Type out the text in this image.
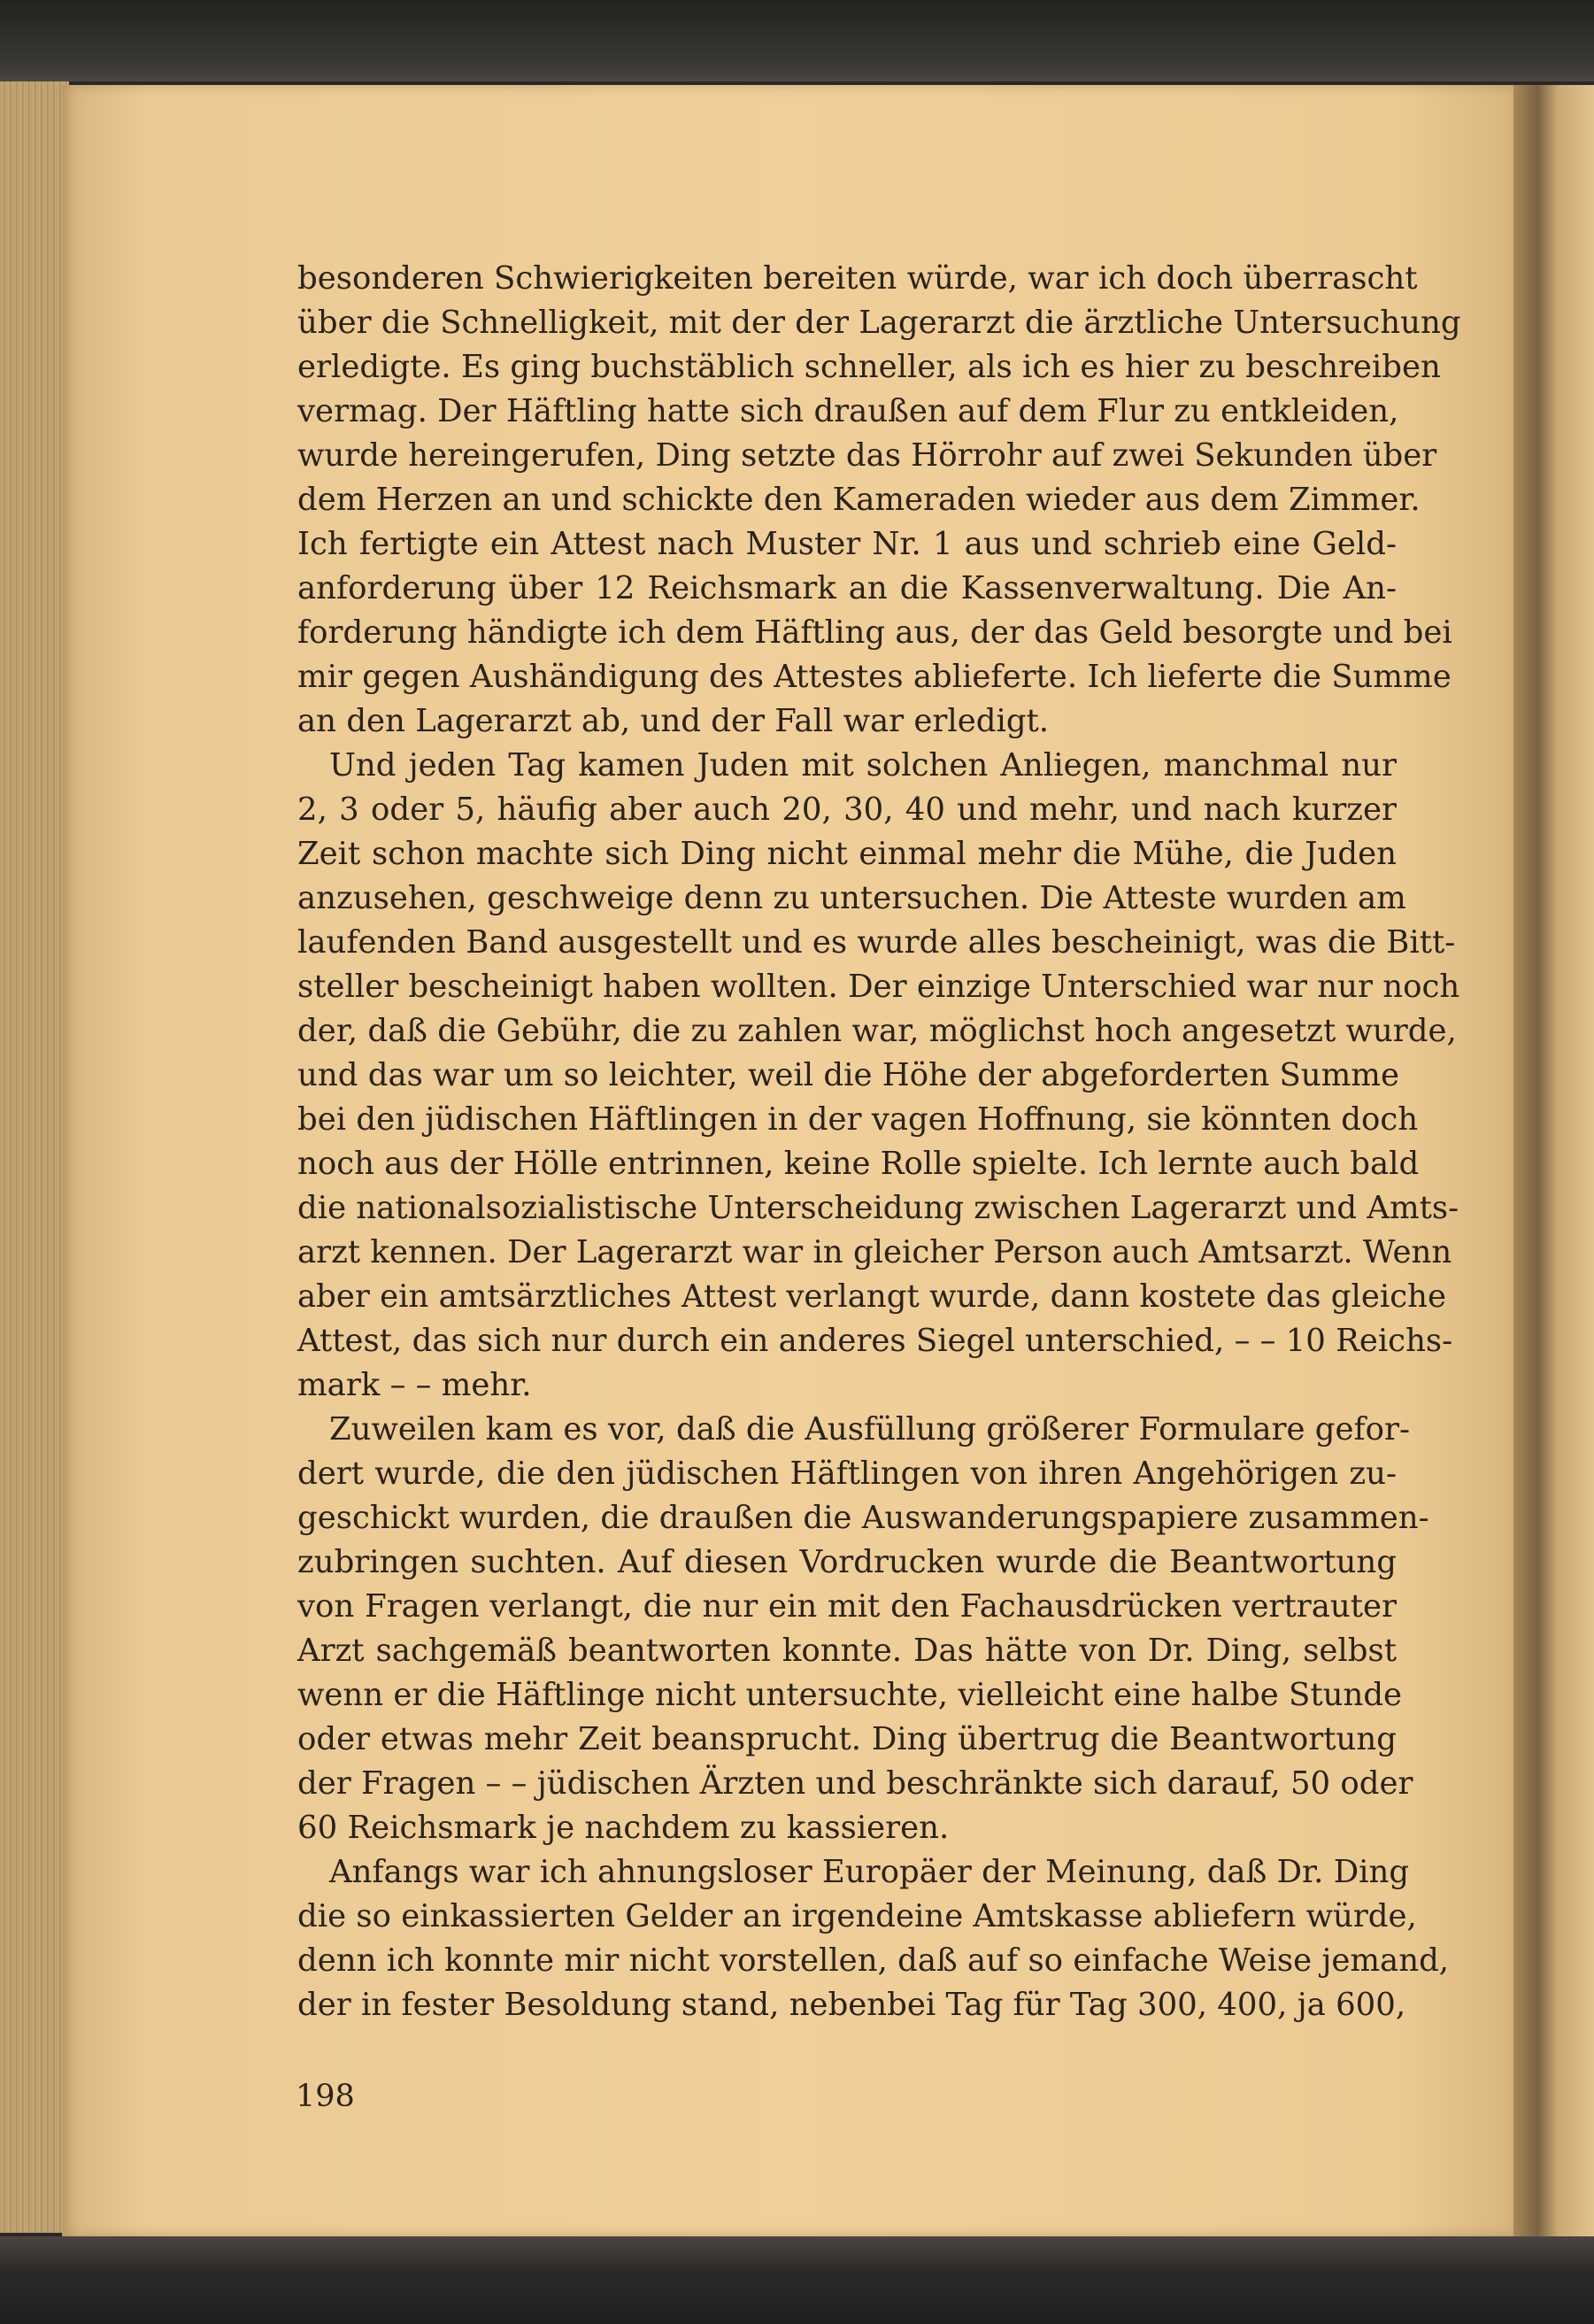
besonderen Schwierigkeiten bereiten würde, war ich doch überrascht
über die Schnelligkeit, mit der der Lagerarzt die ärztliche Untersuchung
erledigte. Es ging buchstäblich schneller, als ich es hier zu beschreiben
vermag. Der Häftling hatte sich draußen auf dem Flur zu entkleiden,
wurde hereingerufen, Ding setzte das Hörrohr auf zwei Sekunden über
dem Herzen an und schickte den Kameraden wieder aus dem Zimmer.
Ich fertigte ein Attest nach Muster Nr. 1 aus und schrieb eine Geld-
anforderung über 12 Reichsmark an die Kassenverwaltung. Die An-
forderung händigte ich dem Häftling aus, der das Geld besorgte und bei
mir gegen Aushändigung des Attestes ablieferte. Ich lieferte die Summe
an den Lagerarzt ab, und der Fall war erledigt.
Und jeden Tag kamen Juden mit solchen Anliegen, manchmal nur
2, 3 oder 5, häufig aber auch 20, 30, 40 und mehr, und nach kurzer
Zeit schon machte sich Ding nicht einmal mehr die Mühe, die Juden
anzusehen, geschweige denn zu untersuchen. Die Atteste wurden am
laufenden Band ausgestellt und es wurde alles bescheinigt, was die Bitt-
steller bescheinigt haben wollten. Der einzige Unterschied war nur noch
der, daß die Gebühr, die zu zahlen war, möglichst hoch angesetzt wurde,
und das war um so leichter, weil die Höhe der abgeforderten Summe
bei den jüdischen Häftlingen in der vagen Hoffnung, sie könnten doch
noch aus der Hölle entrinnen, keine Rolle spielte. Ich lernte auch bald
die nationalsozialistische Unterscheidung zwischen Lagerarzt und Amts-
arzt kennen. Der Lagerarzt war in gleicher Person auch Amtsarzt. Wenn
aber ein amtsärztliches Attest verlangt wurde, dann kostete das gleiche
Attest, das sich nur durch ein anderes Siegel unterschied, – – 10 Reichs-
mark – – mehr.
Zuweilen kam es vor, daß die Ausfüllung größerer Formulare gefor-
dert wurde, die den jüdischen Häftlingen von ihren Angehörigen zu-
geschickt wurden, die draußen die Auswanderungspapiere zusammen-
zubringen suchten. Auf diesen Vordrucken wurde die Beantwortung
von Fragen verlangt, die nur ein mit den Fachausdrücken vertrauter
Arzt sachgemäß beantworten konnte. Das hätte von Dr. Ding, selbst
wenn er die Häftlinge nicht untersuchte, vielleicht eine halbe Stunde
oder etwas mehr Zeit beansprucht. Ding übertrug die Beantwortung
der Fragen – – jüdischen Ärzten und beschränkte sich darauf, 50 oder
60 Reichsmark je nachdem zu kassieren.
Anfangs war ich ahnungsloser Europäer der Meinung, daß Dr. Ding
die so einkassierten Gelder an irgendeine Amtskasse abliefern würde,
denn ich konnte mir nicht vorstellen, daß auf so einfache Weise jemand,
der in fester Besoldung stand, nebenbei Tag für Tag 300, 400, ja 600,
198
